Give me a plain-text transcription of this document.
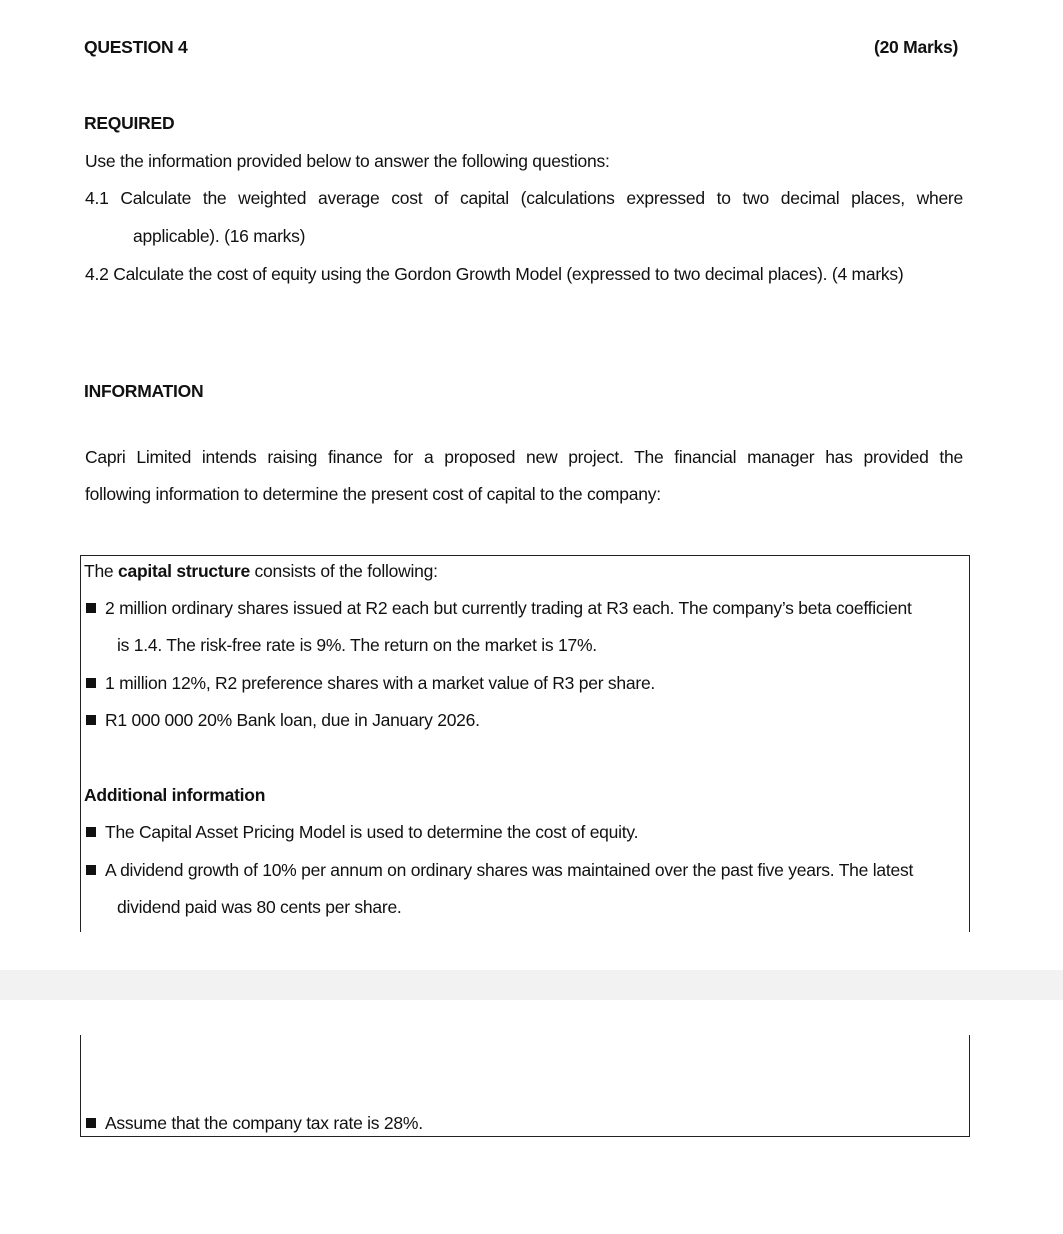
QUESTION 4	(20 Marks)
REQUIRED
Use the information provided below to answer the following questions:
4.1 Calculate the weighted average cost of capital (calculations expressed to two decimal places, where
applicable). (16 marks)
4.2 Calculate the cost of equity using the Gordon Growth Model (expressed to two decimal places). (4 marks)
INFORMATION
Capri Limited intends raising finance for a proposed new project. The financial manager has provided the
following information to determine the present cost of capital to the company:
The capital structure consists of the following:
2 million ordinary shares issued at R2 each but currently trading at R3 each. The company’s beta coefficient
is 1.4. The risk-free rate is 9%. The return on the market is 17%.
1 million 12%, R2 preference shares with a market value of R3 per share.
R1 000 000 20% Bank loan, due in January 2026.
Additional information
The Capital Asset Pricing Model is used to determine the cost of equity.
A dividend growth of 10% per annum on ordinary shares was maintained over the past five years. The latest
dividend paid was 80 cents per share.
Assume that the company tax rate is 28%.
